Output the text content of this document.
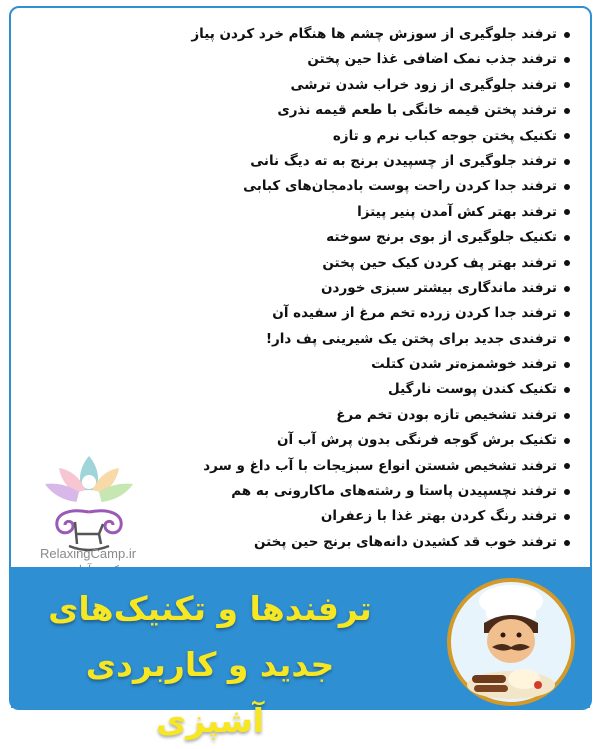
ترفند جلوگیری از سوزش چشم ها هنگام خرد کردن پیاز
ترفند جذب نمک اضافی غذا حین پختن
ترفند جلوگیری از زود خراب شدن ترشی
ترفند پختن قیمه خانگی با طعم قیمه نذری
تکنیک پختن جوجه کباب نرم و تازه
ترفند جلوگیری از چسپیدن برنج به ته دیگ نانی
ترفند جدا کردن راحت پوست بادمجان‌های کبابی
ترفند بهتر کش آمدن پنیر پیتزا
تکنیک جلوگیری از بوی برنج سوخته
ترفند بهتر پف کردن کیک حین پختن
ترفند ماندگاری بیشتر سبزی خوردن
ترفند جدا کردن زرده تخم مرغ از سفیده آن
ترفندی جدید برای پختن یک شیرینی پف دار!
ترفند خوشمزه‌تر شدن کتلت
تکنیک کندن پوست نارگیل
ترفند تشخیص تازه بودن تخم مرغ
تکنیک برش گوجه فرنگی بدون پرش آب آن
ترفند تشخیص شستن انواع سبزیجات با آب داغ و سرد
ترفند نچسپیدن پاستا و رشته‌های ماکارونی به هم
ترفند رنگ کردن بهتر غذا با زعفران
ترفند خوب قد کشیدن دانه‌های برنج حین پختن
RelaxingCamp.ir
ترفندها و تکنیک‌های
جدید و کاربردی آشپزی
